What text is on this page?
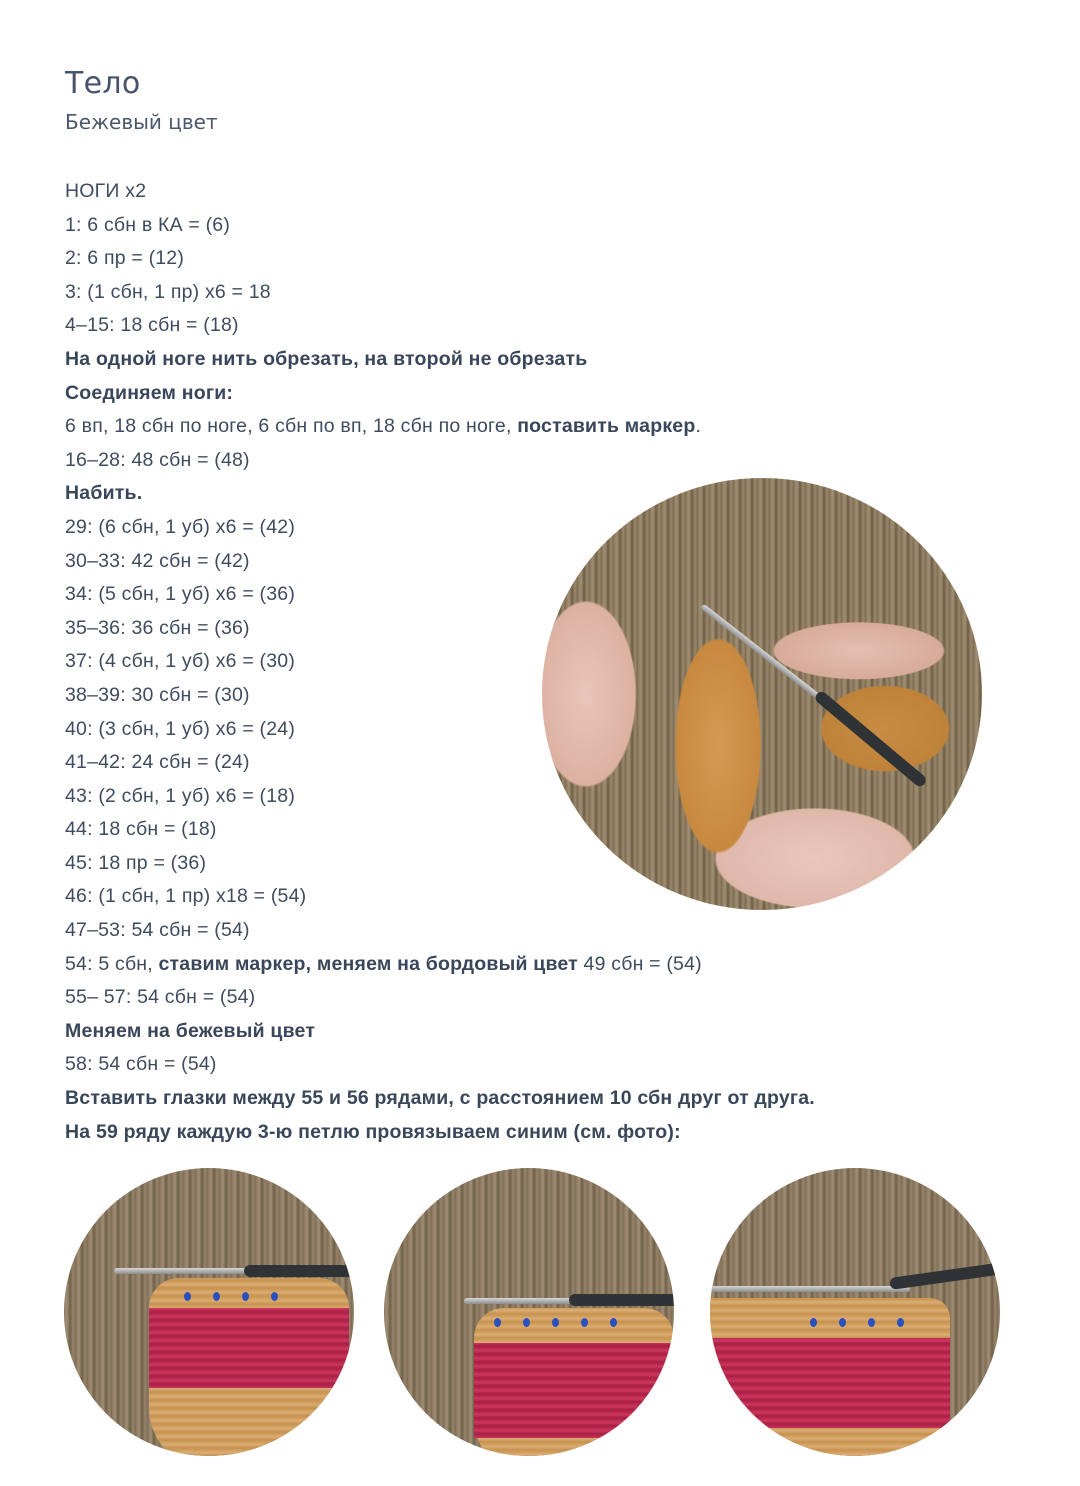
Тело
Бежевый цвет
НОГИ х2
1: 6 сбн в КА = (6)
2: 6 пр = (12)
3: (1 сбн, 1 пр) х6 = 18
4–15: 18 сбн = (18)
На одной ноге нить обрезать, на второй не обрезать
Соединяем ноги:
6 вп, 18 сбн по ноге, 6 сбн по вп, 18 сбн по ноге, поставить маркер.
16–28: 48 сбн = (48)
Набить.
29: (6 сбн, 1 уб) х6 = (42)
30–33: 42 сбн = (42)
34: (5 сбн, 1 уб) х6 = (36)
35–36: 36 сбн = (36)
37: (4 сбн, 1 уб) х6 = (30)
38–39: 30 сбн = (30)
40: (3 сбн, 1 уб) х6 = (24)
41–42: 24 сбн = (24)
43: (2 сбн, 1 уб) х6 = (18)
44: 18 сбн = (18)
45: 18 пр = (36)
46: (1 сбн, 1 пр) х18 = (54)
47–53: 54 сбн = (54)
54: 5 сбн, ставим маркер, меняем на бордовый цвет 49 сбн = (54)
55– 57: 54 сбн = (54)
Меняем на бежевый цвет
58: 54 сбн = (54)
Вставить глазки между 55 и 56 рядами, с расстоянием 10 сбн друг от друга.
На 59 ряду каждую 3-ю петлю провязываем синим (см. фото):
